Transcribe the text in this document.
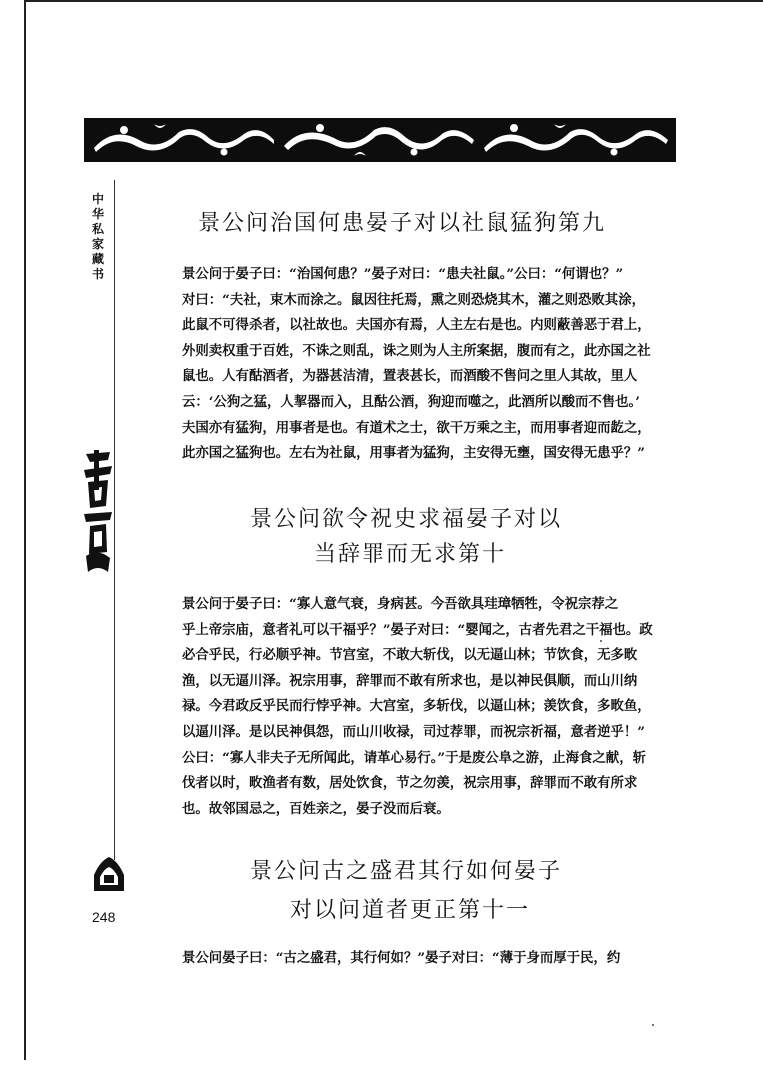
中华私家藏书
248
景公问治国何患晏子对以社鼠猛狗第九
景公问于晏子曰：“治国何患？”晏子对曰：“患夫社鼠。”公曰：“何谓也？”
对曰：“夫社，束木而涂之。鼠因往托焉，熏之则恐烧其木，灌之则恐败其涂，
此鼠不可得杀者，以社故也。夫国亦有焉，人主左右是也。内则蔽善恶于君上，
外则卖权重于百姓，不诛之则乱，诛之则为人主所案据，腹而有之，此亦国之社
鼠也。人有酤酒者，为器甚洁清，置表甚长，而酒酸不售问之里人其故，里人
云：‘公狗之猛，人挈器而入，且酤公酒，狗迎而噬之，此酒所以酸而不售也。’
夫国亦有猛狗，用事者是也。有道术之士，欲干万乘之主，而用事者迎而龁之，
此亦国之猛狗也。左右为社鼠，用事者为猛狗，主安得无壅，国安得无患乎？”
景公问欲令祝史求福晏子对以
当辞罪而无求第十
景公问于晏子曰：“寡人意气衰，身病甚。今吾欲具珪璋牺牲，令祝宗荐之
乎上帝宗庙，意者礼可以干福乎？”晏子对曰：“婴闻之，古者先君之干福也。政
必合乎民，行必顺乎神。节宫室，不敢大斩伐，以无逼山林；节饮食，无多畋
渔，以无逼川泽。祝宗用事，辞罪而不敢有所求也，是以神民俱顺，而山川纳
禄。今君政反乎民而行悖乎神。大宫室，多斩伐，以逼山林；羡饮食，多畋鱼，
以逼川泽。是以民神俱怨，而山川收禄，司过荐罪，而祝宗祈福，意者逆乎！”
公曰：“寡人非夫子无所闻此，请革心易行。”于是废公阜之游，止海食之献，斩
伐者以时，畋渔者有数，居处饮食，节之勿羡，祝宗用事，辞罪而不敢有所求
也。故邻国忌之，百姓亲之，晏子没而后衰。
景公问古之盛君其行如何晏子
对以问道者更正第十一
景公问晏子曰：“古之盛君，其行何如？”晏子对曰：“薄于身而厚于民，约
